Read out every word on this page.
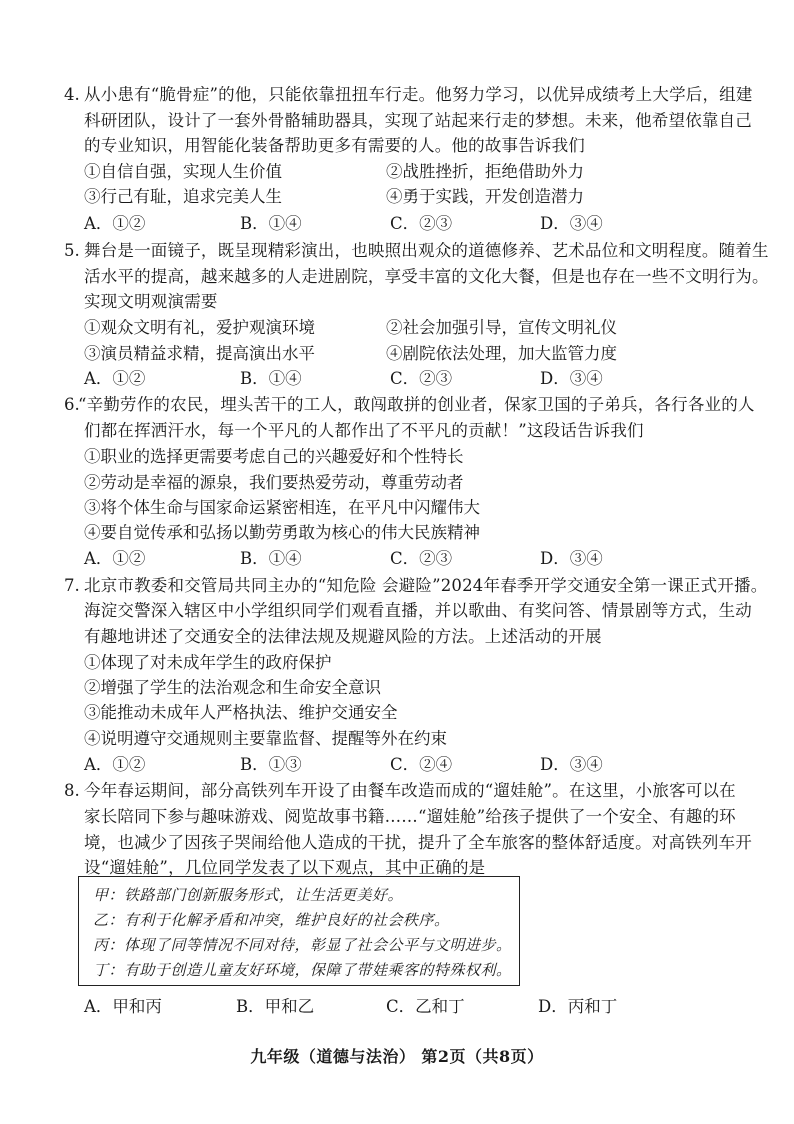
4. 从小患有“脆骨症”的他，只能依靠扭扭车行走。他努力学习，以优异成绩考上大学后，组建
科研团队，设计了一套外骨骼辅助器具，实现了站起来行走的梦想。未来，他希望依靠自己
的专业知识，用智能化装备帮助更多有需要的人。他的故事告诉我们
①自信自强，实现人生价值	②战胜挫折，拒绝借助外力
③行己有耻，追求完美人生	④勇于实践，开发创造潜力
A．①②	B．①④	C．②③	D．③④
5. 舞台是一面镜子，既呈现精彩演出，也映照出观众的道德修养、艺术品位和文明程度。随着生
活水平的提高，越来越多的人走进剧院，享受丰富的文化大餐，但是也存在一些不文明行为。
实现文明观演需要
①观众文明有礼，爱护观演环境	②社会加强引导，宣传文明礼仪
③演员精益求精，提高演出水平	④剧院依法处理，加大监管力度
A．①②	B．①④	C．②③	D．③④
6.
“辛勤劳作的农民，埋头苦干的工人，敢闯敢拼的创业者，保家卫国的子弟兵，各行各业的人
们都在挥洒汗水，每一个平凡的人都作出了不平凡的贡献！”这段话告诉我们
①职业的选择更需要考虑自己的兴趣爱好和个性特长
②劳动是幸福的源泉，我们要热爱劳动，尊重劳动者
③将个体生命与国家命运紧密相连，在平凡中闪耀伟大
④要自觉传承和弘扬以勤劳勇敢为核心的伟大民族精神
A．①②	B．①④	C．②③	D．③④
7. 北京市教委和交管局共同主办的“知危险 会避险”2024年春季开学交通安全第一课正式开播。
海淀交警深入辖区中小学组织同学们观看直播，并以歌曲、有奖问答、情景剧等方式，生动
有趣地讲述了交通安全的法律法规及规避风险的方法。上述活动的开展
①体现了对未成年学生的政府保护
②增强了学生的法治观念和生命安全意识
③能推动未成年人严格执法、维护交通安全
④说明遵守交通规则主要靠监督、提醒等外在约束
A．①②	B．①③	C．②④	D．③④
8. 今年春运期间，部分高铁列车开设了由餐车改造而成的“遛娃舱”。在这里，小旅客可以在
家长陪同下参与趣味游戏、阅览故事书籍……“遛娃舱”给孩子提供了一个安全、有趣的环
境，也减少了因孩子哭闹给他人造成的干扰，提升了全车旅客的整体舒适度。对高铁列车开
设“遛娃舱”，几位同学发表了以下观点，其中正确的是
甲：铁路部门创新服务形式，让生活更美好。
乙：有利于化解矛盾和冲突，维护良好的社会秩序。
丙：体现了同等情况不同对待，彰显了社会公平与文明进步。
丁：有助于创造儿童友好环境，保障了带娃乘客的特殊权利。
A．甲和丙	B．甲和乙	C．乙和丁	D．丙和丁
九年级（道德与法治） 第2页（共8页）
